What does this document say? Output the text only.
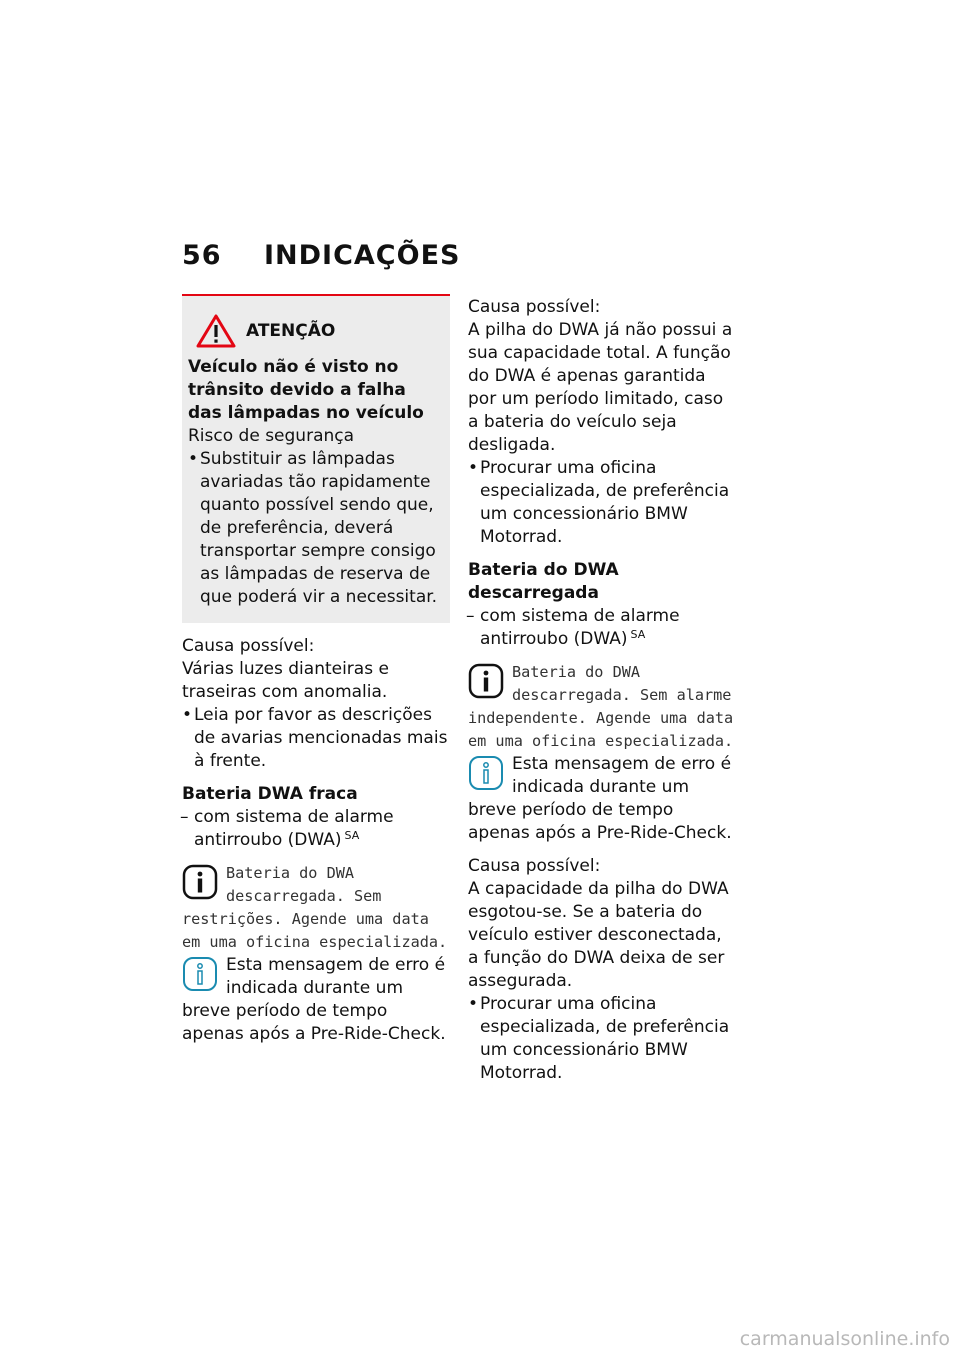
56 INDICAÇÕES
ATENÇÃO

Veículo não é visto no trânsito devido a falha das lâmpadas no veículo

Risco de segurança

• Substituir as lâmpadas avariadas tão rapidamente quanto possível sendo que, de preferência, deverá transportar sempre consigo as lâmpadas de reserva de que poderá vir a necessitar.

Causa possível:

Várias luzes dianteiras e traseiras com anomalia.

• Leia por favor as descrições de avarias mencionadas mais à frente.

Bateria DWA fraca

– com sistema de alarme antirroubo (DWA) $^{SA}$

Bateria do DWA descarregada. Sem restrições. Agende uma data em uma oficina especializada.

Esta mensagem de erro é indicada durante um breve período de tempo apenas após a Pre-Ride-Check.

Causa possível:

A pilha do DWA já não possui a sua capacidade total. A função do DWA é apenas garantida por um período limitado, caso a bateria do veículo seja desligada.

• Procurar uma oficina especializada, de preferência um concessionário BMW Motorrad.

Bateria do DWA descarregada

– com sistema de alarme antirroubo (DWA) $^{SA}$

Bateria do DWA descarregada. Sem alarme independente. Agende uma data em uma oficina especializada.

Esta mensagem de erro é indicada durante um breve período de tempo apenas após a Pre-Ride-Check.

Causa possível:

A capacidade da pilha do DWA esgotou-se. Se a bateria do veículo estiver desconectada, a função do DWA deixa de ser assegurada.

• Procurar uma oficina especializada, de preferência um concessionário BMW Motorrad.
carmanualsonline.info
